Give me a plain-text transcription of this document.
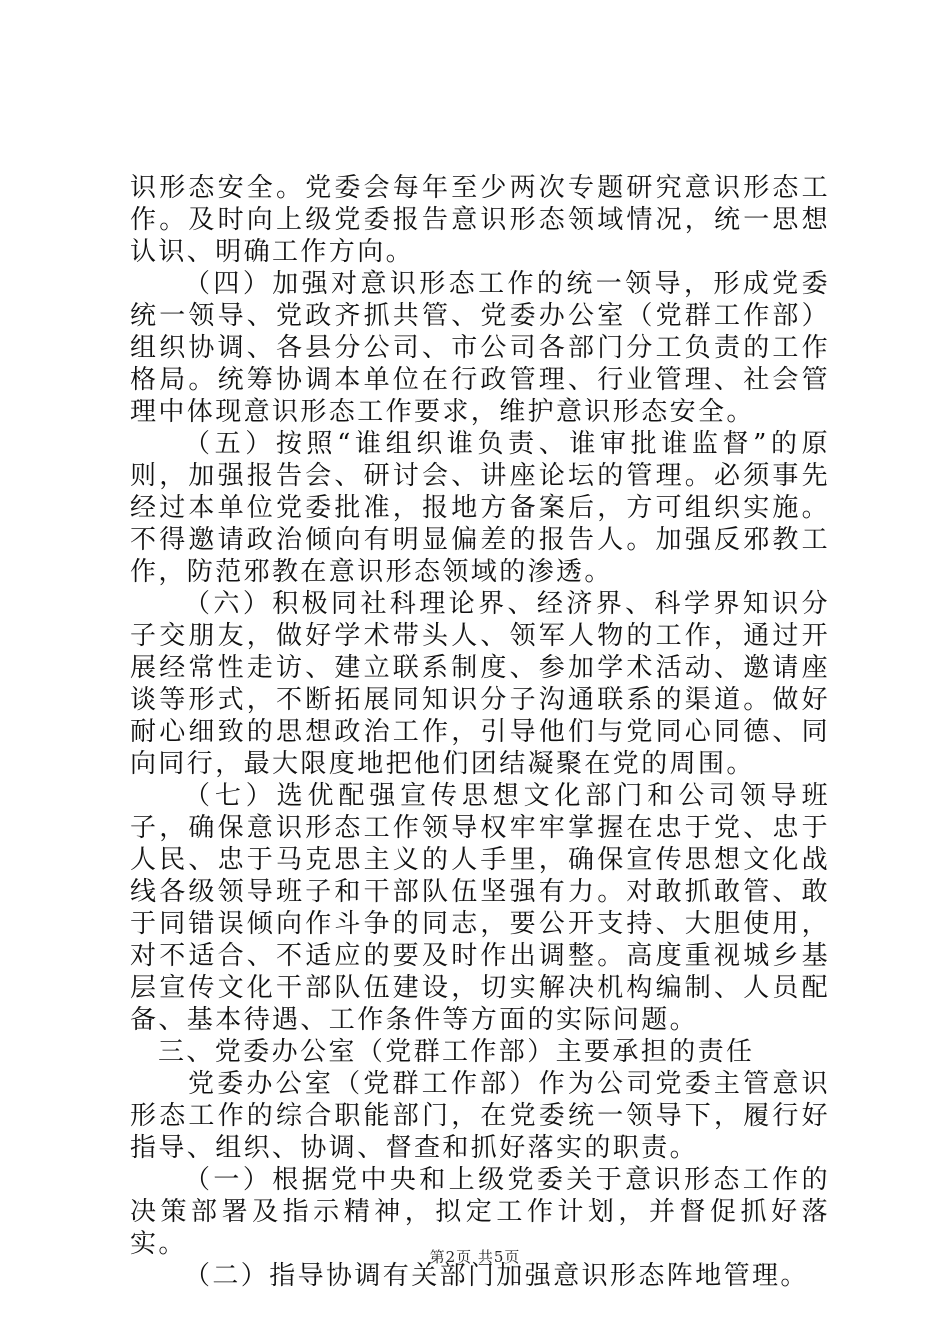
识形态安全。党委会每年至少两次专题研究意识形态工作。及时向上级党委报告意识形态领域情况，统一思想认识、明确工作方向。

（四）加强对意识形态工作的统一领导，形成党委统一领导、党政齐抓共管、党委办公室（党群工作部）组织协调、各县分公司、市公司各部门分工负责的工作格局。统筹协调本单位在行政管理、行业管理、社会管理中体现意识形态工作要求，维护意识形态安全。

（五）按照“谁组织谁负责、谁审批谁监督”的原则，加强报告会、研讨会、讲座论坛的管理。必须事先经过本单位党委批准，报地方备案后，方可组织实施。不得邀请政治倾向有明显偏差的报告人。加强反邪教工作，防范邪教在意识形态领域的渗透。

（六）积极同社科理论界、经济界、科学界知识分子交朋友，做好学术带头人、领军人物的工作，通过开展经常性走访、建立联系制度、参加学术活动、邀请座谈等形式，不断拓展同知识分子沟通联系的渠道。做好耐心细致的思想政治工作，引导他们与党同心同德、同向同行，最大限度地把他们团结凝聚在党的周围。

（七）选优配强宣传思想文化部门和公司领导班子，确保意识形态工作领导权牢牢掌握在忠于党、忠于人民、忠于马克思主义的人手里，确保宣传思想文化战线各级领导班子和干部队伍坚强有力。对敢抓敢管、敢于同错误倾向作斗争的同志，要公开支持、大胆使用，对不适合、不适应的要及时作出调整。高度重视城乡基层宣传文化干部队伍建设，切实解决机构编制、人员配备、基本待遇、工作条件等方面的实际问题。

三、党委办公室（党群工作部）主要承担的责任

党委办公室（党群工作部）作为公司党委主管意识形态工作的综合职能部门，在党委统一领导下，履行好指导、组织、协调、督查和抓好落实的职责。

（一）根据党中央和上级党委关于意识形态工作的决策部署及指示精神，拟定工作计划，并督促抓好落实。

（二）指导协调有关部门加强意识形态阵地管理。

第2页 共5页
